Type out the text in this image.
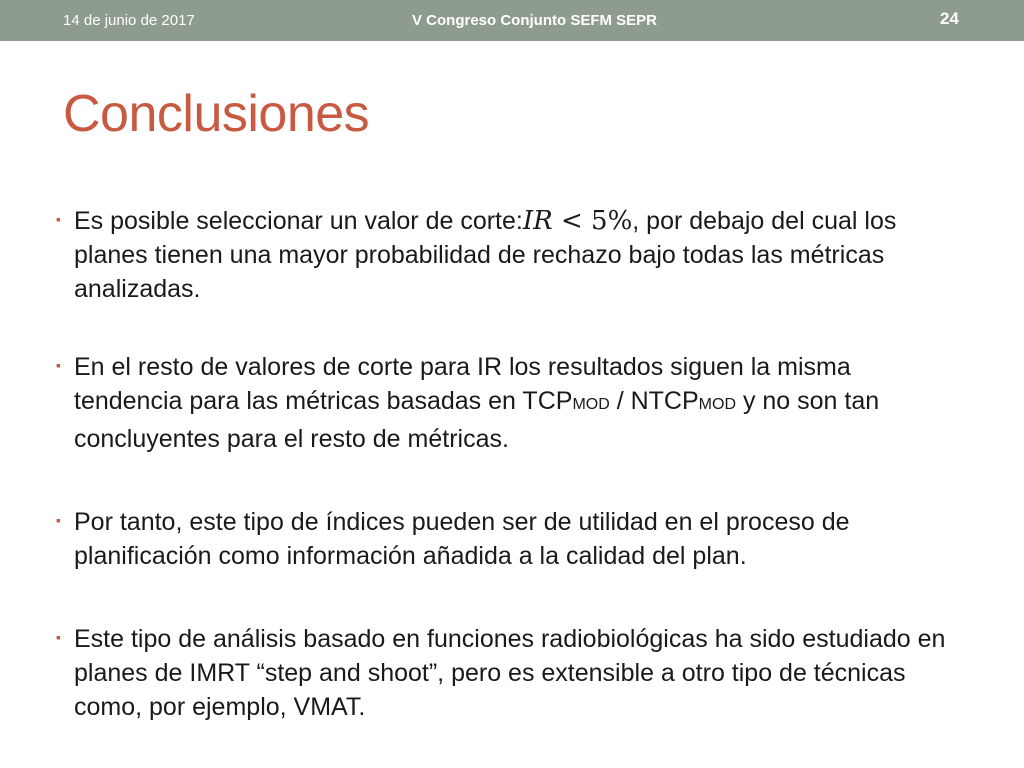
14 de junio de 2017	V Congreso Conjunto SEFM SEPR	24
Conclusiones
▪ Es posible seleccionar un valor de corte:IR < 5%, por debajo del cual los planes tienen una mayor probabilidad de rechazo bajo todas las métricas analizadas.
▪ En el resto de valores de corte para IR los resultados siguen la misma tendencia para las métricas basadas en TCPMOD / NTCPMOD y no son tan concluyentes para el resto de métricas.
▪ Por tanto, este tipo de índices pueden ser de utilidad en el proceso de planificación como información añadida a la calidad del plan.
▪ Este tipo de análisis basado en funciones radiobiológicas ha sido estudiado en planes de IMRT “step and shoot”, pero es extensible a otro tipo de técnicas como, por ejemplo, VMAT.
